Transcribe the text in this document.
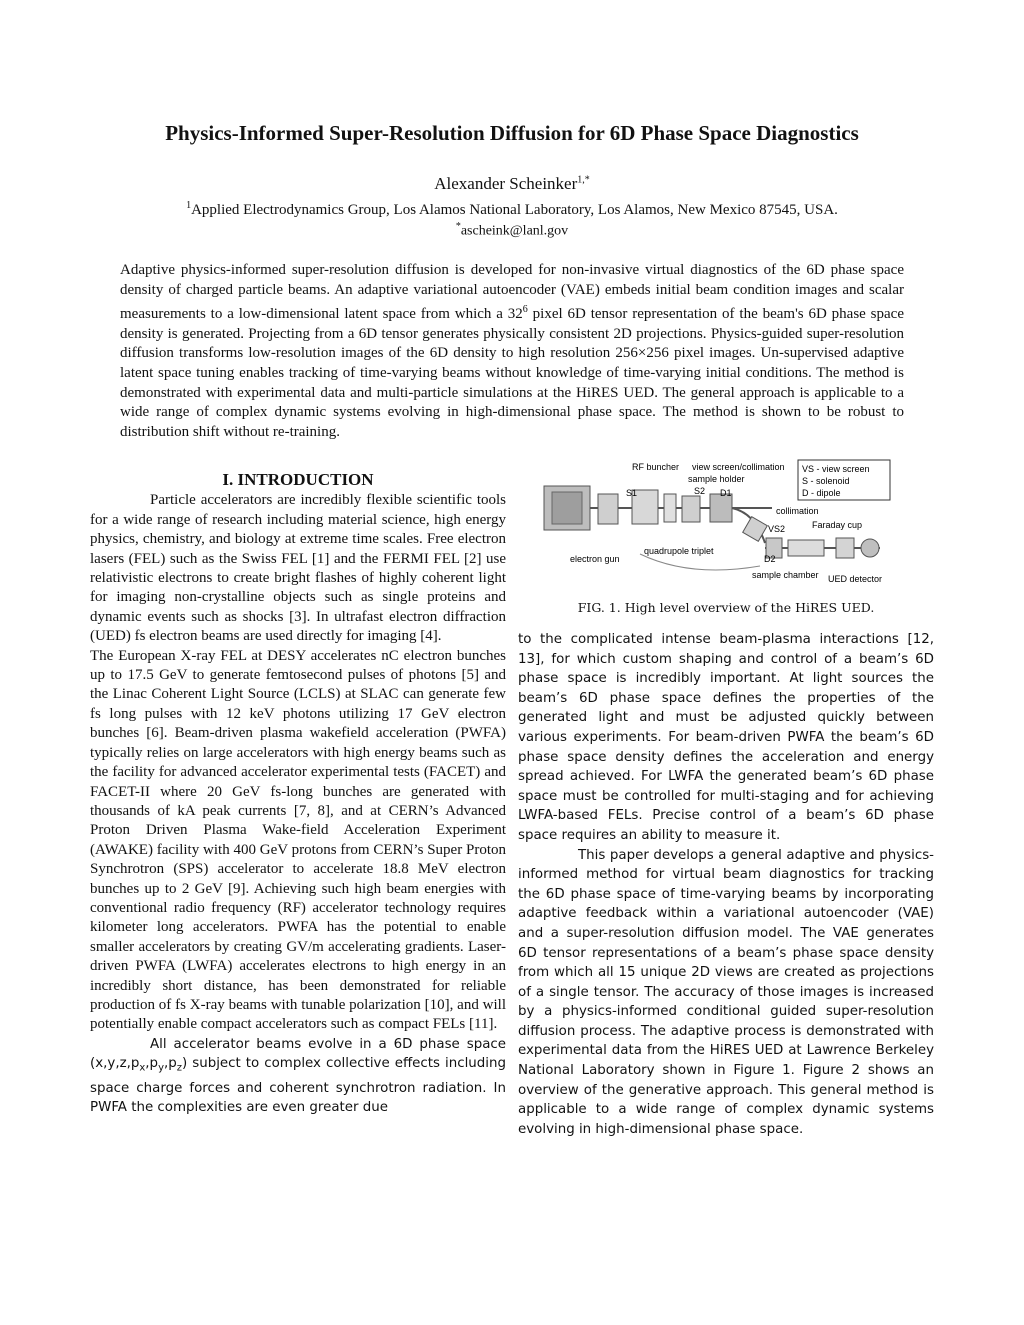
Physics-Informed Super-Resolution Diffusion for 6D Phase Space Diagnostics
Alexander Scheinker$^{1,*}$
$^1$Applied Electrodynamics Group, Los Alamos National Laboratory, Los Alamos, New Mexico 87545, USA.
*ascheink@lanl.gov
Adaptive physics-informed super-resolution diffusion is developed for non-invasive virtual diagnostics of the 6D phase space density of charged particle beams. An adaptive variational autoencoder (VAE) embeds initial beam condition images and scalar measurements to a low-dimensional latent space from which a $32^6$ pixel 6D tensor representation of the beam's 6D phase space density is generated. Projecting from a 6D tensor generates physically consistent 2D projections. Physics-guided super-resolution diffusion transforms low-resolution images of the 6D density to high resolution 256×256 pixel images. Un-supervised adaptive latent space tuning enables tracking of time-varying beams without knowledge of time-varying initial conditions. The method is demonstrated with experimental data and multi-particle simulations at the HiRES UED. The general approach is applicable to a wide range of complex dynamic systems evolving in high-dimensional phase space. The method is shown to be robust to distribution shift without re-training.
I. INTRODUCTION
Particle accelerators are incredibly flexible scientific tools for a wide range of research including material science, high energy physics, chemistry, and biology at extreme time scales. Free electron lasers (FEL) such as the Swiss FEL [1] and the FERMI FEL [2] use relativistic electrons to create bright flashes of highly coherent light for imaging non-crystalline objects such as single proteins and dynamic events such as shocks [3]. In ultrafast electron diffraction (UED) fs electron beams are used directly for imaging [4].
The European X-ray FEL at DESY accelerates nC electron bunches up to 17.5 GeV to generate femtosecond pulses of photons [5] and the Linac Coherent Light Source (LCLS) at SLAC can generate few fs long pulses with 12 keV photons utilizing 17 GeV electron bunches [6]. Beam-driven plasma wakefield acceleration (PWFA) typically relies on large accelerators with high energy beams such as the facility for advanced accelerator experimental tests (FACET) and FACET-II where 20 GeV fs-long bunches are generated with thousands of kA peak currents [7, 8], and at CERN’s Advanced Proton Driven Plasma Wake-field Acceleration Experiment (AWAKE) facility with 400 GeV protons from CERN’s Super Proton Synchrotron (SPS) accelerator to accelerate 18.8 MeV electron bunches up to 2 GeV [9]. Achieving such high beam energies with conventional radio frequency (RF) accelerator technology requires kilometer long accelerators. PWFA has the potential to enable smaller accelerators by creating GV/m accelerating gradients. Laser- driven PWFA (LWFA) accelerates electrons to high energy in an incredibly short distance, has been demonstrated for reliable production of fs X-ray beams with tunable polarization [10], and will potentially enable compact accelerators such as compact FELs [11].
All accelerator beams evolve in a 6D phase space $(x,y,z,p_x,p_y,p_z)$ subject to complex collective effects including space charge forces and coherent synchrotron radiation. In PWFA the complexities are even greater due
VS - view screen
S - solenoid
D - dipole
RF buncher view screen/collimation
sample holder
S1	S2 D1
collimation
VS2	Faraday cup
electron gun
quadrupole triplet
D2
sample chamber UED detector
FIG. 1. High level overview of the HiRES UED.
to the complicated intense beam-plasma interactions [12, 13], for which custom shaping and control of a beam’s 6D phase space is incredibly important. At light sources the beam’s 6D phase space defines the properties of the generated light and must be adjusted quickly between various experiments. For beam-driven PWFA the beam’s 6D phase space density defines the acceleration and energy spread achieved. For LWFA the generated beam’s 6D phase space must be controlled for multi-staging and for achieving LWFA-based FELs. Precise control of a beam’s 6D phase space requires an ability to measure it.
This paper develops a general adaptive and physics- informed method for virtual beam diagnostics for tracking the 6D phase space of time-varying beams by incorporating adaptive feedback within a variational autoencoder (VAE) and a super-resolution diffusion model. The VAE generates 6D tensor representations of a beam’s phase space density from which all 15 unique 2D views are created as projections of a single tensor. The accuracy of those images is increased by a physics-informed conditional guided super-resolution diffusion process. The adaptive process is demonstrated with experimental data from the HiRES UED at Lawrence Berkeley National Laboratory shown in Figure 1. Figure 2 shows an overview of the generative approach. This general method is applicable to a wide range of complex dynamic systems evolving in high-dimensional phase space.
